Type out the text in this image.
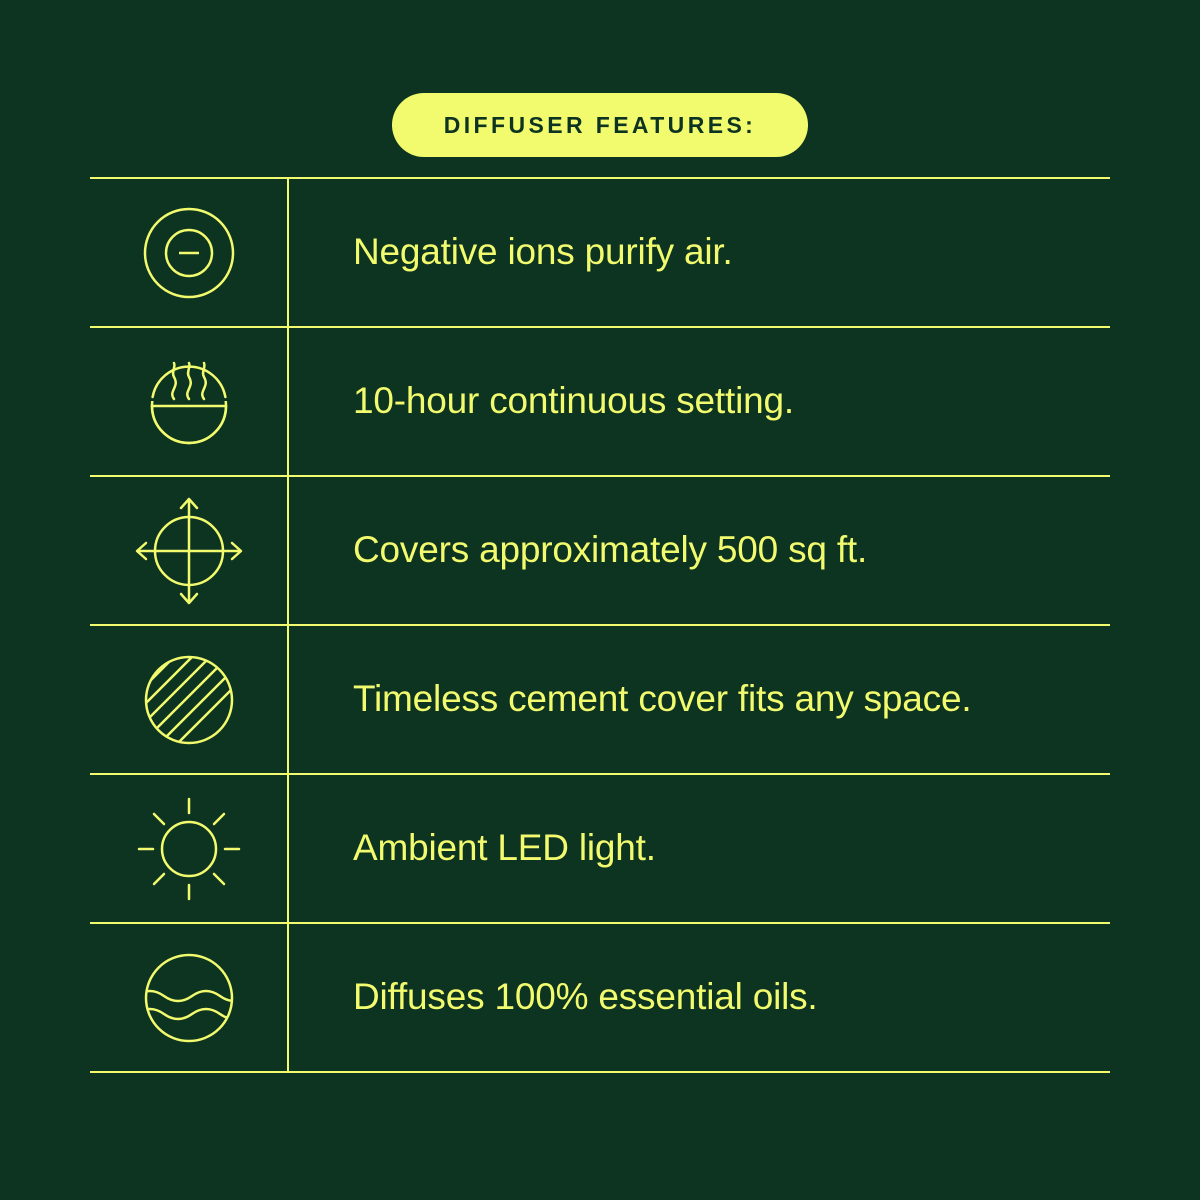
DIFFUSER FEATURES:
Negative ions purify air.
10-hour continuous setting.
Covers approximately 500 sq ft.
Timeless cement cover fits any space.
Ambient LED light.
Diffuses 100% essential oils.
